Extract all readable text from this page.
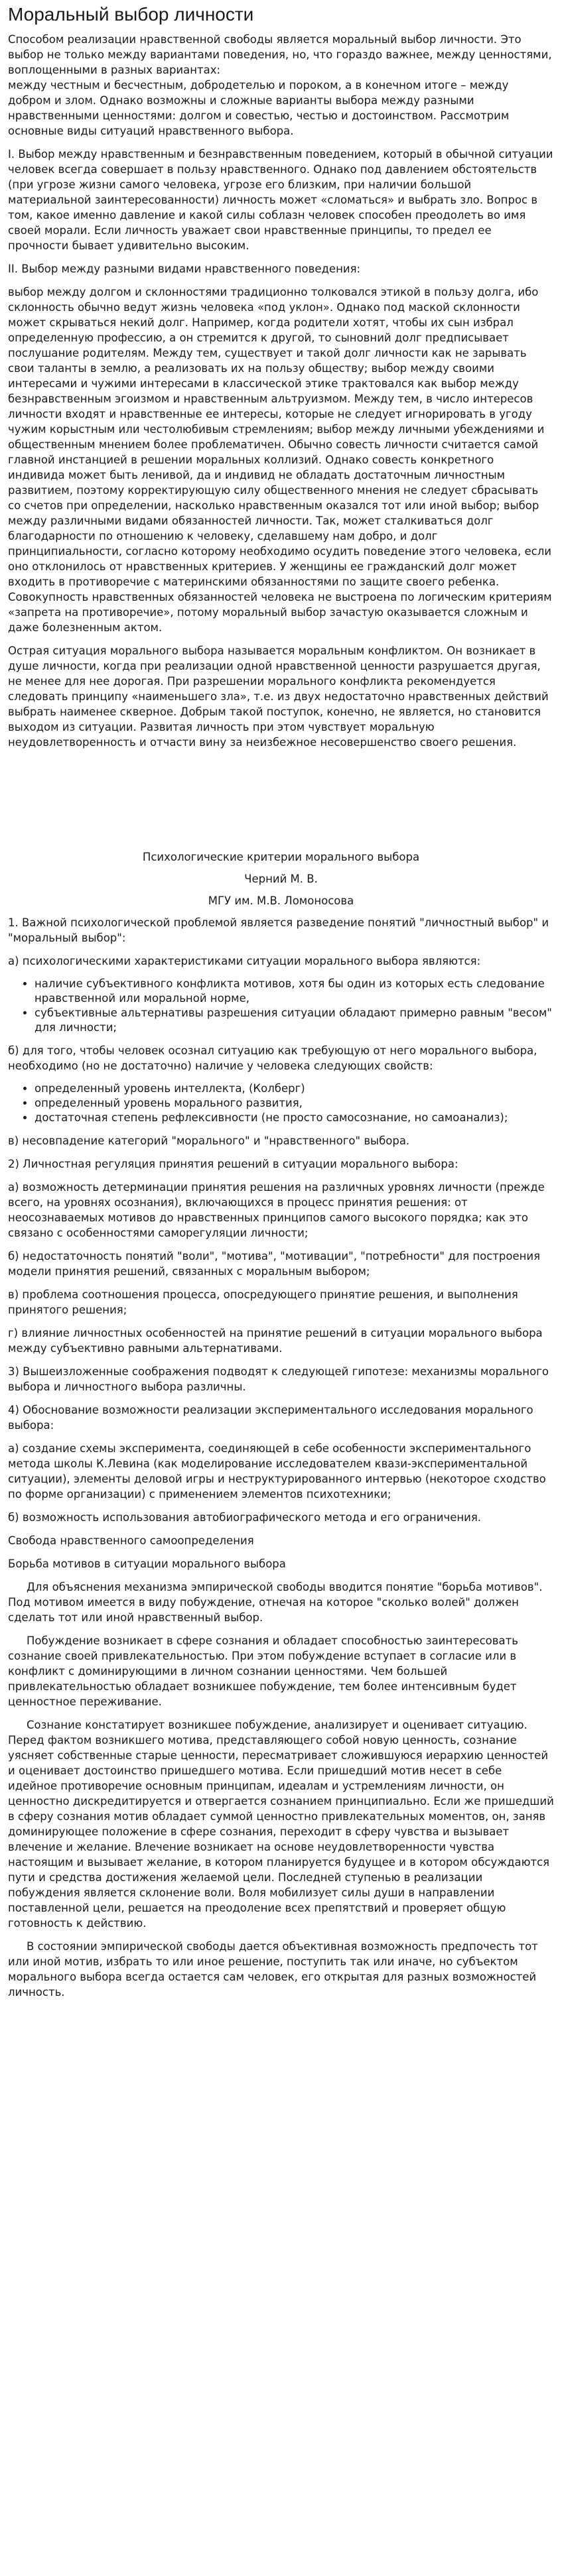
Моральный выбор личности

Способом реализации нравственной свободы является моральный выбор личности. Это выбор не только между вариантами поведения, но, что гораздо важнее, между ценностями, воплощенными в разных вариантах:
между честным и бесчестным, добродетелью и пороком, а в конечном итоге – между добром и злом. Однако возможны и сложные варианты выбора между разными нравственными ценностями: долгом и совестью, честью и достоинством. Рассмотрим основные виды ситуаций нравственного выбора.

I. Выбор между нравственным и безнравственным поведением, который в обычной ситуации человек всегда совершает в пользу нравственного. Однако под давлением обстоятельств (при угрозе жизни самого человека, угрозе его близким, при наличии большой материальной заинтересованности) личность может «сломаться» и выбрать зло. Вопрос в том, какое именно давление и какой силы соблазн человек способен преодолеть во имя своей морали. Если личность уважает свои нравственные принципы, то предел ее прочности бывает удивительно высоким.

II. Выбор между разными видами нравственного поведения:

выбор между долгом и склонностями традиционно толковался этикой в пользу долга, ибо склонность обычно ведут жизнь человека «под уклон». Однако под маской склонности может скрываться некий долг. Например, когда родители хотят, чтобы их сын избрал определенную профессию, а он стремится к другой, то сыновний долг предписывает послушание родителям. Между тем, существует и такой долг личности как не зарывать свои таланты в землю, а реализовать их на пользу обществу; выбор между своими интересами и чужими интересами в классической этике трактовался как выбор между безнравственным эгоизмом и нравственным альтруизмом. Между тем, в число интересов личности входят и нравственные ее интересы, которые не следует игнорировать в угоду чужим корыстным или честолюбивым стремлениям; выбор между личными убеждениями и общественным мнением более проблематичен. Обычно совесть личности считается самой главной инстанцией в решении моральных коллизий. Однако совесть конкретного индивида может быть ленивой, да и индивид не обладать достаточным личностным развитием, поэтому корректирующую силу общественного мнения не следует сбрасывать со счетов при определении, насколько нравственным оказался тот или иной выбор; выбор между различными видами обязанностей личности. Так, может сталкиваться долг благодарности по отношению к человеку, сделавшему нам добро, и долг принципиальности, согласно которому необходимо осудить поведение этого человека, если оно отклонилось от нравственных критериев. У женщины ее гражданский долг может входить в противоречие с материнскими обязанностями по защите своего ребенка. Совокупность нравственных обязанностей человека не выстроена по логическим критериям «запрета на противоречие», потому моральный выбор зачастую оказывается сложным и даже болезненным актом.

Острая ситуация морального выбора называется моральным конфликтом. Он возникает в душе личности, когда при реализации одной нравственной ценности разрушается другая, не менее для нее дорогая. При разрешении морального конфликта рекомендуется следовать принципу «наименьшего зла», т.е. из двух недостаточно нравственных действий выбрать наименее скверное. Добрым такой поступок, конечно, не является, но становится выходом из ситуации. Развитая личность при этом чувствует моральную неудовлетворенность и отчасти вину за неизбежное несовершенство своего решения.

Психологические критерии морального выбора

Черний М. В.

МГУ им. М.В. Ломоносова

1. Важной психологической проблемой является разведение понятий "личностный выбор" и "моральный выбор":

а) психологическими характеристиками ситуации морального выбора являются:

• наличие субъективного конфликта мотивов, хотя бы один из которых есть следование нравственной или моральной норме,
• субъективные альтернативы разрешения ситуации обладают примерно равным "весом" для личности;

б) для того, чтобы человек осознал ситуацию как требующую от него морального выбора, необходимо (но не достаточно) наличие у человека следующих свойств:

• определенный уровень интеллекта, (Колберг)
• определенный уровень морального развития,
• достаточная степень рефлексивности (не просто самосознание, но самоанализ);

в) несовпадение категорий "морального" и "нравственного" выбора.

2) Личностная регуляция принятия решений в ситуации морального выбора:

а) возможность детерминации принятия решения на различных уровнях личности (прежде всего, на уровнях осознания), включающихся в процесс принятия решения: от неосознаваемых мотивов до нравственных принципов самого высокого порядка; как это связано с особенностями саморегуляции личности;

б) недостаточность понятий "воли", "мотива", "мотивации", "потребности" для построения модели принятия решений, связанных с моральным выбором;

в) проблема соотношения процесса, опосредующего принятие решения, и выполнения принятого решения;

г) влияние личностных особенностей на принятие решений в ситуации морального выбора между субъективно равными альтернативами.

3) Вышеизложенные соображения подводят к следующей гипотезе: механизмы морального выбора и личностного выбора различны.

4) Обоснование возможности реализации экспериментального исследования морального выбора:

а) создание схемы эксперимента, соединяющей в себе особенности экспериментального метода школы К.Левина (как моделирование исследователем квази-экспериментальной ситуации), элементы деловой игры и неструктурированного интервью (некоторое сходство по форме организации) с применением элементов психотехники;

б) возможность использования автобиографического метода и его ограничения.

Свобода нравственного самоопределения

Борьба мотивов в ситуации морального выбора

Для объяснения механизма эмпирической свободы вводится понятие "борьба мотивов". Под мотивом имеется в виду побуждение, отнечая на которое "сколько волей" должен сделать тот или иной нравственный выбор.

Побуждение возникает в сфере сознания и обладает способностью заинтересовать сознание своей привлекательностью. При этом побуждение вступает в согласие или в конфликт с доминирующими в личном сознании ценностями. Чем большей привлекательностью обладает возникшее побуждение, тем более интенсивным будет ценностное переживание.

Сознание констатирует возникшее побуждение, анализирует и оценивает ситуацию. Перед фактом возникшего мотива, представляющего собой новую ценность, сознание уясняет собственные старые ценности, пересматривает сложившуюся иерархию ценностей и оценивает достоинство пришедшего мотива. Если пришедший мотив несет в себе идейное противоречие основным принципам, идеалам и устремлениям личности, он ценностно дискредитируется и отвергается сознанием принципиально. Если же пришедший в сферу сознания мотив обладает суммой ценностно привлекательных моментов, он, заняв доминирующее положение в сфере сознания, переходит в сферу чувства и вызывает влечение и желание. Влечение возникает на основе неудовлетворенности чувства настоящим и вызывает желание, в котором планируется будущее и в котором обсуждаются пути и средства достижения желаемой цели. Последней ступенью в реализации побуждения является склонение воли. Воля мобилизует силы души в направлении поставленной цели, решается на преодоление всех препятствий и проверяет общую готовность к действию.

В состоянии эмпирической свободы дается объективная возможность предпочесть тот или иной мотив, избрать то или иное решение, поступить так или иначе, но субъектом морального выбора всегда остается сам человек, его открытая для разных возможностей личность.
